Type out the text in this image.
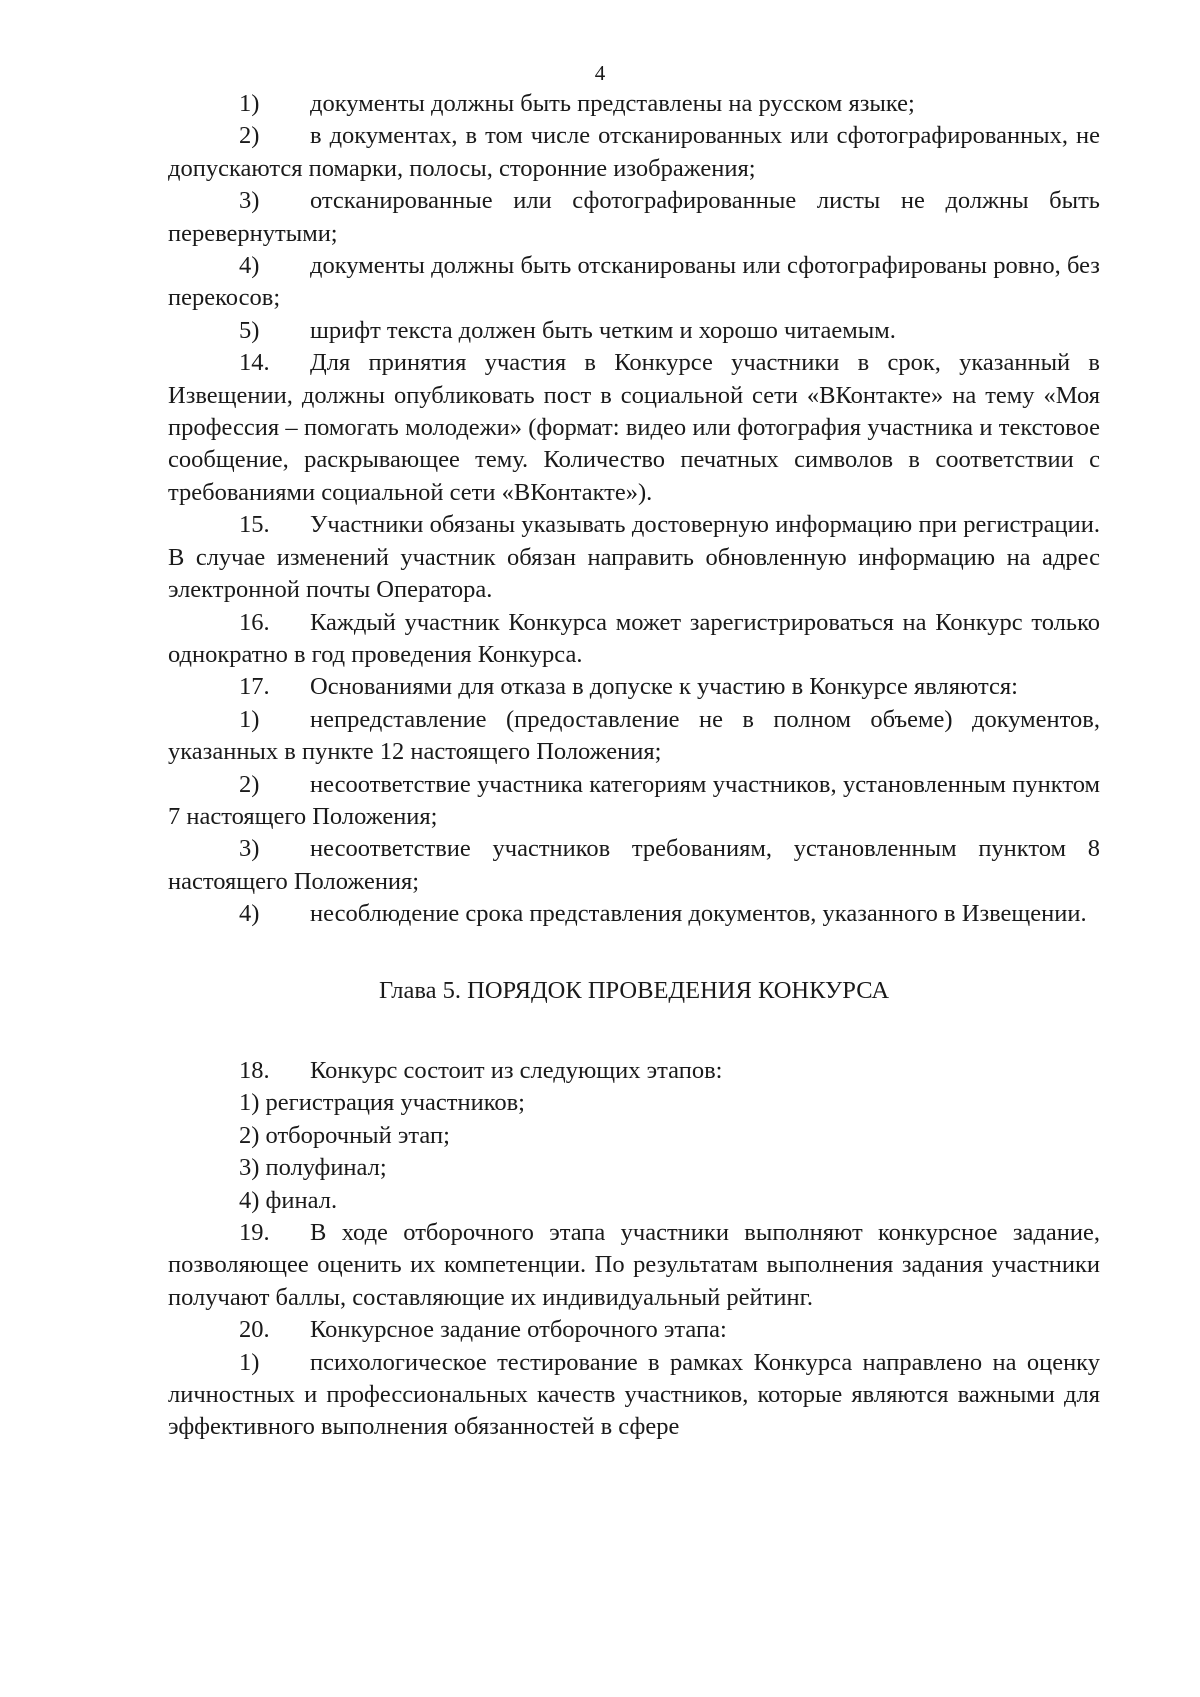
4

1) документы должны быть представлены на русском языке;

2) в документах, в том числе отсканированных или сфотографированных, не допускаются помарки, полосы, сторонние изображения;

3) отсканированные или сфотографированные листы не должны быть перевернутыми;

4) документы должны быть отсканированы или сфотографированы ровно, без перекосов;

5) шрифт текста должен быть четким и хорошо читаемым.

14. Для принятия участия в Конкурсе участники в срок, указанный в Извещении, должны опубликовать пост в социальной сети «ВКонтакте» на тему «Моя профессия – помогать молодежи» (формат: видео или фотография участника и текстовое сообщение, раскрывающее тему. Количество печатных символов в соответствии с требованиями социальной сети «ВКонтакте»).

15. Участники обязаны указывать достоверную информацию при регистрации. В случае изменений участник обязан направить обновленную информацию на адрес электронной почты Оператора.

16. Каждый участник Конкурса может зарегистрироваться на Конкурс только однократно в год проведения Конкурса.

17. Основаниями для отказа в допуске к участию в Конкурсе являются:

1) непредставление (предоставление не в полном объеме) документов, указанных в пункте 12 настоящего Положения;

2) несоответствие участника категориям участников, установленным пунктом 7 настоящего Положения;

3) несоответствие участников требованиям, установленным пунктом 8 настоящего Положения;

4) несоблюдение срока представления документов, указанного в Извещении.

Глава 5. ПОРЯДОК ПРОВЕДЕНИЯ КОНКУРСА

18. Конкурс состоит из следующих этапов:

1) регистрация участников;

2) отборочный этап;

3) полуфинал;

4) финал.

19. В ходе отборочного этапа участники выполняют конкурсное задание, позволяющее оценить их компетенции. По результатам выполнения задания участники получают баллы, составляющие их индивидуальный рейтинг.

20. Конкурсное задание отборочного этапа:

1) психологическое тестирование в рамках Конкурса направлено на оценку личностных и профессиональных качеств участников, которые являются важными для эффективного выполнения обязанностей в сфере
